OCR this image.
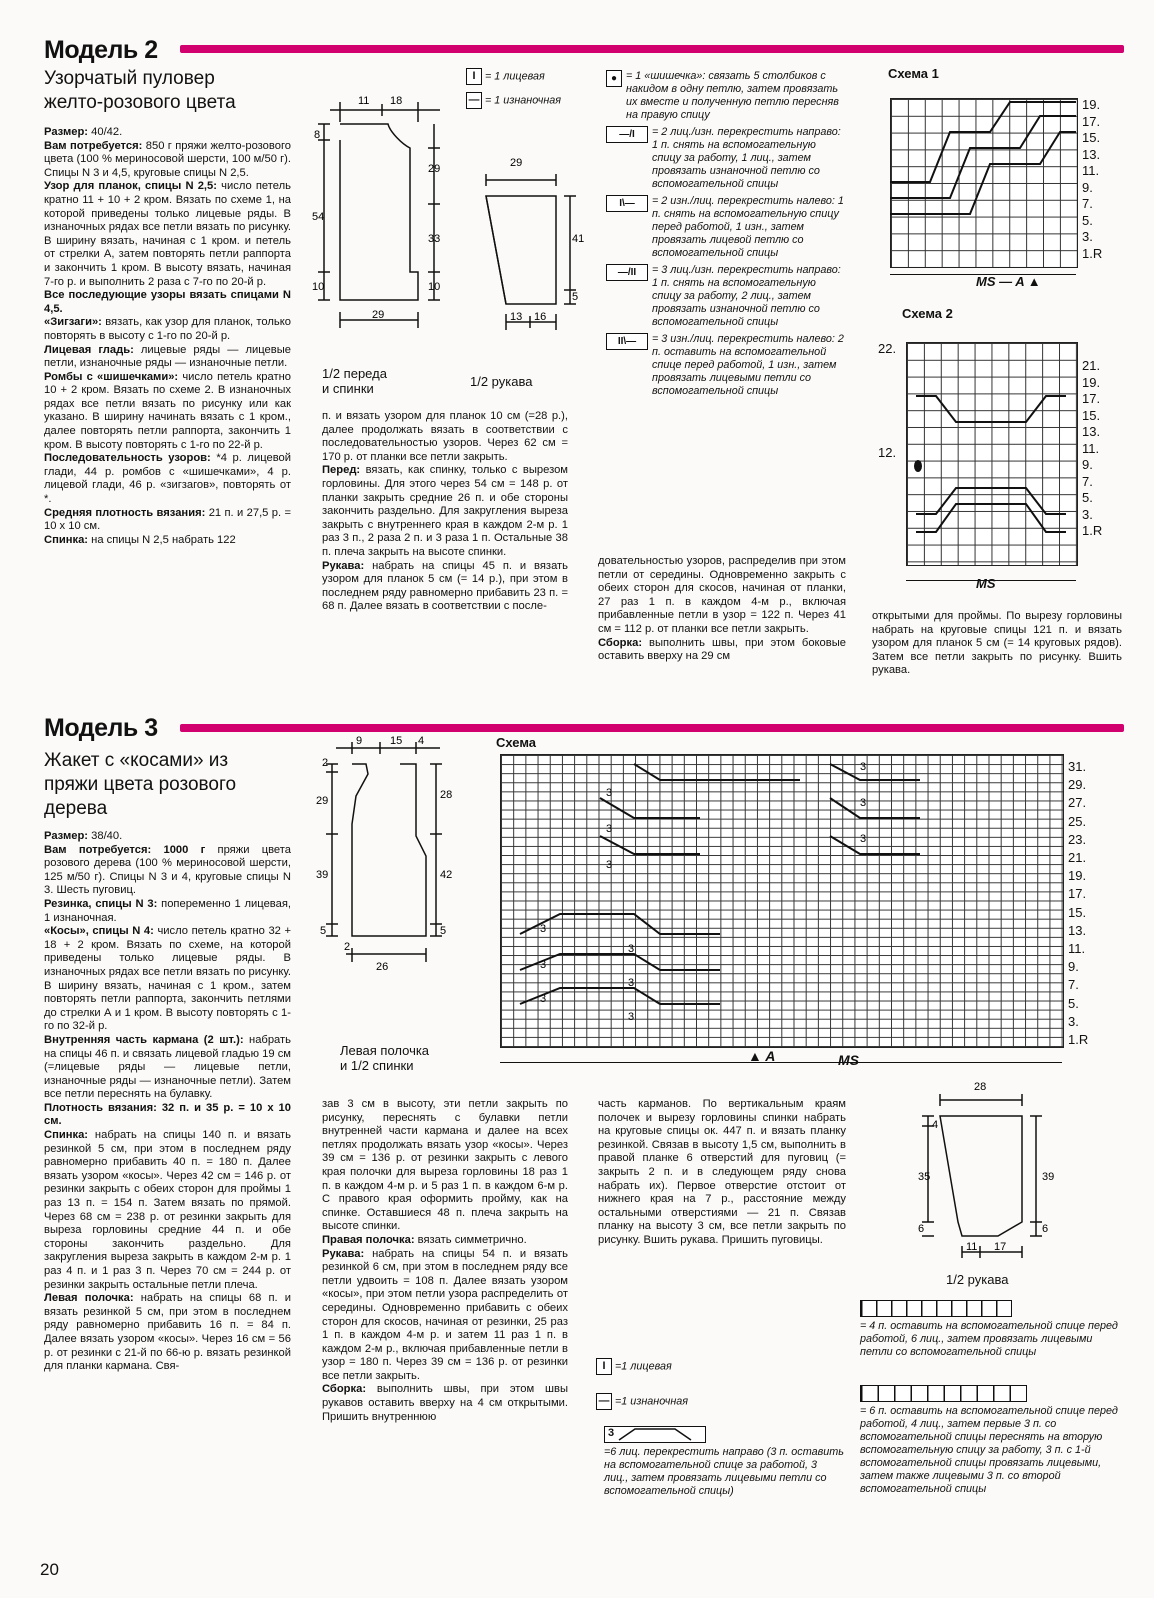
Модель 2
Узорчатый пуловер
желто-розового цвета

Размер: 40/42.

Вам потребуется: 850 г пряжи желто-розового цвета (100 % мериносовой шерсти, 100 м/50 г). Спицы N 3 и 4,5, круговые спицы N 2,5.

Узор для планок, спицы N 2,5: число петель кратно 11 + 10 + 2 кром. Вязать по схеме 1, на которой приведены только лицевые ряды. В изнаночных рядах все петли вязать по рисунку. В ширину вязать, начиная с 1 кром. и петель от стрелки А, затем повторять петли раппорта и закончить 1 кром. В высоту вязать, начиная 7-го р. и выполнить 2 раза с 7-го по 20-й р.

Все последующие узоры вязать спицами N 4,5.

«Зигзаги»: вязать, как узор для планок, только повторять в высоту с 1-го по 20-й р.

Лицевая гладь: лицевые ряды — лицевые петли, изнаночные ряды — изнаночные петли.

Ромбы с «шишечками»: число петель кратно 10 + 2 кром. Вязать по схеме 2. В изнаночных рядах все петли вязать по рисунку или как указано. В ширину начинать вязать с 1 кром., далее повторять петли раппорта, закончить 1 кром. В высоту повторять с 1-го по 22-й р.

Последовательность узоров: *4 р. лицевой глади, 44 р. ромбов с «шишечками», 4 р. лицевой глади, 46 р. «зигзагов», повторять от *.

Средняя плотность вязания: 21 п. и 27,5 р. = 10 x 10 см.

Спинка: на спицы N 2,5 набрать 122

п. и вязать узором для планок 10 см (=28 р.), далее продолжать вязать в соответствии с последовательностью узоров. Через 62 см = 170 р. от планки все петли закрыть.

Перед: вязать, как спинку, только с вырезом горловины. Для этого через 54 см = 148 р. от планки закрыть средние 26 п. и обе стороны закончить раздельно. Для закругления выреза закрыть с внутреннего края в каждом 2-м р. 1 раз 3 п., 2 раза 2 п. и 3 раза 1 п. Остальные 38 п. плеча закрыть на высоте спинки.

Рукава: набрать на спицы 45 п. и вязать узором для планок 5 см (= 14 р.), при этом в последнем ряду равномерно прибавить 23 п. = 68 п. Далее вязать в соответствии с после-

довательностью узоров, распределив при этом петли от середины. Одновременно закрыть с обеих сторон для скосов, начиная от планки, 27 раз 1 п. в каждом 4-м р., включая прибавленные петли в узор = 122 п. Через 41 см = 112 р. от планки все петли закрыть.

Сборка: выполнить швы, при этом боковые оставить вверху на 29 см

открытыми для проймы. По вырезу горловины набрать на круговые спицы 121 п. и вязать узором для планок 5 см (= 14 круговых рядов). Затем все петли закрыть по рисунку. Вшить рукава.
I = 1 лицевая
— = 1 изнаночная
● = 1 «шишечка»: связать 5 столбиков с накидом в одну петлю, затем провязать их вместе и полученную петлю пересняв на правую спицу
—/I	= 2 лиц./изн. перекрестить направо: 1 п. снять на вспомогательную спицу за работу, 1 лиц., затем провязать изнаночной петлю со вспомогательной спицы
I\—	= 2 изн./лиц. перекрестить налево: 1 п. снять на вспомогательную спицу перед работой, 1 изн., затем провязать лицевой петлю со вспомогательной спицы
—/II	= 3 лиц./изн. перекрестить направо: 1 п. снять на вспомогательную спицу за работу, 2 лиц., затем провязать изнаночной петлю со вспомогательной спицы
II\—	= 3 изн./лиц. перекрестить налево: 2 п. оставить на вспомогательной спице перед работой, 1 изн., затем провязать лицевыми петли со вспомогательной спицы
11 18
8
29
54
33
10	10
29
1/2 переда
и спинки
29
41
5
13 16
1/2 рукава
Схема 1
19.
17.
15.
13.
11.
9.
7.
5.
3.
1.R
MS — A ▲
Схема 2
22.
12.
21.
19.
17.
15.
13.
11.
9.
7.
5.
3.
1.R
MS
Модель 3
Жакет с «косами» из
пряжи цвета розового
дерева

Размер: 38/40.

Вам потребуется: 1000 г пряжи цвета розового дерева (100 % мериносовой шерсти, 125 м/50 г). Спицы N 3 и 4, круговые спицы N 3. Шесть пуговиц.

Резинка, спицы N 3: попеременно 1 лицевая, 1 изнаночная.

«Косы», спицы N 4: число петель кратно 32 + 18 + 2 кром. Вязать по схеме, на которой приведены только лицевые ряды. В изнаночных рядах все петли вязать по рисунку. В ширину вязать, начиная с 1 кром., затем повторять петли раппорта, закончить петлями до стрелки А и 1 кром. В высоту повторять с 1-го по 32-й р.

Внутренняя часть кармана (2 шт.): набрать на спицы 46 п. и связать лицевой гладью 19 см (=лицевые ряды — лицевые петли, изнаночные ряды — изнаночные петли). Затем все петли переснять на булавку.

Плотность вязания: 32 п. и 35 р. = 10 x 10 см.

Спинка: набрать на спицы 140 п. и вязать резинкой 5 см, при этом в последнем ряду равномерно прибавить 40 п. = 180 п. Далее вязать узором «косы». Через 42 см = 146 р. от резинки закрыть с обеих сторон для проймы 1 раз 13 п. = 154 п. Затем вязать по прямой. Через 68 см = 238 р. от резинки закрыть для выреза горловины средние 44 п. и обе стороны закончить раздельно. Для закругления выреза закрыть в каждом 2-м р. 1 раз 4 п. и 1 раз 3 п. Через 70 см = 244 р. от резинки закрыть остальные петли плеча.

Левая полочка: набрать на спицы 68 п. и вязать резинкой 5 см, при этом в последнем ряду равномерно прибавить 16 п. = 84 п. Далее вязать узором «косы». Через 16 см = 56 р. от резинки с 21-й по 66-ю р. вязать резинкой для планки кармана. Свя-

зав 3 см в высоту, эти петли закрыть по рисунку, переснять с булавки петли внутренней части кармана и далее на всех петлях продолжать вязать узор «косы». Через 39 см = 136 р. от резинки закрыть с левого края полочки для выреза горловины 18 раз 1 п. в каждом 4-м р. и 5 раз 1 п. в каждом 6-м р. С правого края оформить пройму, как на спинке. Оставшиеся 48 п. плеча закрыть на высоте спинки.

Правая полочка: вязать симметрично.

Рукава: набрать на спицы 54 п. и вязать резинкой 6 см, при этом в последнем ряду все петли удвоить = 108 п. Далее вязать узором «косы», при этом петли узора распределить от середины. Одновременно прибавить с обеих сторон для скосов, начиная от резинки, 25 раз 1 п. в каждом 4-м р. и затем 11 раз 1 п. в каждом 2-м р., включая прибавленные петли в узор = 180 п. Через 39 см = 136 р. от резинки все петли закрыть.

Сборка: выполнить швы, при этом швы рукавов оставить вверху на 4 см открытыми. Пришить внутреннюю

часть карманов. По вертикальным краям полочек и вырезу горловины спинки набрать на круговые спицы ок. 447 п. и вязать планку резинкой. Связав в высоту 1,5 см, выполнить в правой планке 6 отверстий для пуговиц (= закрыть 2 п. и в следующем ряду снова набрать их). Первое отверстие отстоит от нижнего края на 7 р., расстояние между остальными отверстиями — 21 п. Связав планку на высоту 3 см, все петли закрыть по рисунку. Вшить рукава. Пришить пуговицы.
9	15 4
2
29	28
39	42
5	5
2
26
Левая полочка
и 1/2 спинки
Схема
3
3
3
3
3
3
3
3
3
3
3
3
31.
29.
27.
25.
23.
21.
19.
17.
15.
13.
11.
9.
7.
5.
3.
1.R
▲ A	MS
28
4
35	39
6	6
11 17
1/2 рукава
I =1 лицевая
— =1 изнаночная
3
=6 лиц. перекрестить направо (3 п. оставить на вспомогательной спице за работой, 3 лиц., затем провязать лицевыми петли со вспомогательной спицы)
= 4 п. оставить на вспомогательной спице перед работой, 6 лиц., затем провязать лицевыми петли со вспомогательной спицы
= 6 п. оставить на вспомогательной спице перед работой, 4 лиц., затем первые 3 п. со вспомогательной спицы переснять на вторую вспомогательную спицу за работу, 3 п. с 1-й вспомогательной спицы провязать лицевыми, затем также лицевыми 3 п. со второй вспомогательной спицы
20
